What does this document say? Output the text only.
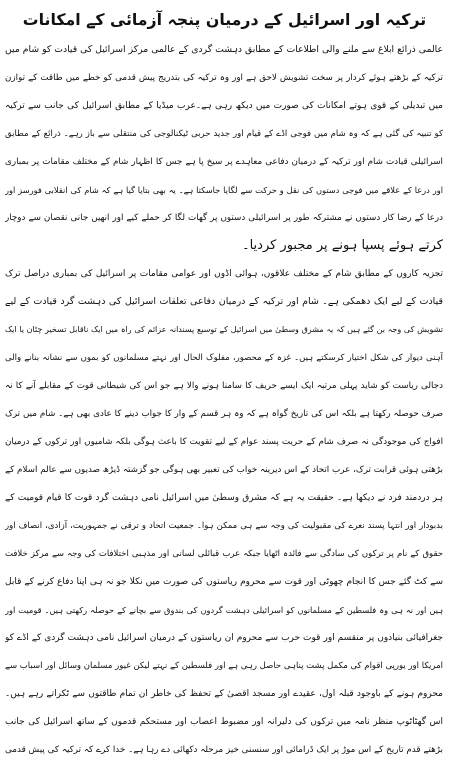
ترکیہ اور اسرائیل کے درمیان پنجہ آزمائی کے امکانات
عالمی ذرائع ابلاغ سے ملنے والی اطلاعات کے مطابق دہشت گردی کے عالمی مرکز اسرائیل کی قیادت کو شام میں
ترکیہ کے بڑھتے ہوئے کردار پر سخت تشویش لاحق ہے اور وہ ترکیہ کی بتدریج پیش قدمی کو خطے میں طاقت کے توازن
میں تبدیلی کے قوی ہوتے امکانات کی صورت میں دیکھ رہی ہے۔عرب میڈیا کے مطابق اسرائیل کی جانب سے ترکیہ
کو تنبیہ کی گئی ہے کہ وہ شام میں فوجی اڈے کے قیام اور جدید حربی ٹیکنالوجی کی منتقلی سے باز رہے۔ ذرائع کے مطابق
اسرائیلی قیادت شام اور ترکیہ کے درمیان دفاعی معاہدے پر سیخ پا ہے جس کا اظہار شام کے مختلف مقامات پر بمباری
اور درعا کے علاقے میں فوجی دستوں کی نقل و حرکت سے لگایا جاسکتا ہے۔ یہ بھی بتایا گیا ہے کہ شام کی انقلابی فورسز اور
درعا کے رضا کار دستوں نے مشترکہ طور پر اسرائیلی دستوں پر گھات لگا کر حملے کیے اور انھیں جانی نقصان سے دوچار
کرتے ہوئے پسپا ہونے پر مجبور کردیا۔
تجزیہ کاروں کے مطابق شام کے مختلف علاقوں، ہوائی اڈوں اور عوامی مقامات پر اسرائیل کی بمباری دراصل ترک
قیادت کے لیے ایک دھمکی ہے۔ شام اور ترکیہ کے درمیان دفاعی تعلقات اسرائیل کی دہشت گرد قیادت کے لیے
تشویش کی وجہ بن گئے ہیں کہ یہ مشرق وسطیٰ میں اسرائیل کے توسیع پسندانہ عزائم کی راہ میں ایک ناقابل تسخیر چٹان یا ایک
آہنی دیوار کی شکل اختیار کرسکتے ہیں۔ غزہ کے محصور، مفلوک الحال اور نہتے مسلمانوں کو بموں سے نشانہ بنانے والی
دجالی ریاست کو شاید پہلی مرتبہ ایک ایسے حریف کا سامنا ہونے والا ہے جو اس کی شیطانی قوت کے مقابلے آنے کا نہ
صرف حوصلہ رکھتا ہے بلکہ اس کی تاریخ گواہ ہے کہ وہ ہر قسم کے وار کا جواب دینے کا عادی بھی ہے۔ شام میں ترک
افواج کی موجودگی نہ صرف شام کے حریت پسند عوام کے لیے تقویت کا باعث ہوگی بلکہ شامیوں اور ترکوں کے درمیان
بڑھتی ہوئی قرابت ترک، عرب اتحاد کے اس دیرینہ خواب کی تعبیر بھی ہوگی جو گزشتہ ڈیڑھ صدیوں سے عالم اسلام کے
ہر دردمند فرد نے دیکھا ہے۔ حقیقت یہ ہے کہ مشرق وسطیٰ میں اسرائیل نامی دہشت گرد قوت کا قیام قومیت کے
بدبودار اور انتہا پسند نعرے کی مقبولیت کی وجہ سے ہی ممکن ہوا۔ جمعیت اتحاد و ترقی نے جمہوریت، آزادی، انصاف اور
حقوق کے نام پر ترکوں کی سادگی سے فائدہ اٹھایا جبکہ عرب قبائلی لسانی اور مذہبی اختلافات کی وجہ سے مرکز خلافت
سے کٹ گئے جس کا انجام چھوٹی اور قوت سے محروم ریاستوں کی صورت میں نکلا جو نہ ہی اپنا دفاع کرنے کے قابل
ہیں اور نہ ہی وہ فلسطین کے مسلمانوں کو اسرائیلی دہشت گردوں کی بندوق سے بچانے کے حوصلہ رکھتی ہیں۔ قومیت اور
جغرافیائی بنیادوں پر منقسم اور قوت حرب سے محروم ان ریاستوں کے درمیان اسرائیل نامی دہشت گردی کے اڈے کو
امریکا اور یورپی اقوام کی مکمل پشت پناہی حاصل رہی ہے اور فلسطین کے نہتے لیکن غیور مسلمان وسائل اور اسباب سے
محروم ہونے کے باوجود قبلہ اول، عقیدے اور مسجد اقصیٰ کے تحفظ کی خاطر ان تمام طاقتوں سے ٹکراتے رہے ہیں۔
اس گھٹاٹوپ منظر نامہ میں ترکوں کی دلیرانہ اور مضبوط اعصاب اور مستحکم قدموں کے ساتھ اسرائیل کی جانب
بڑھتے قدم تاریخ کے اس موڑ پر ایک ڈرامائی اور سنسنی خیز مرحلہ دکھائی دے رہا ہے۔ خدا کرے کہ ترکیہ کی پیش قدمی
